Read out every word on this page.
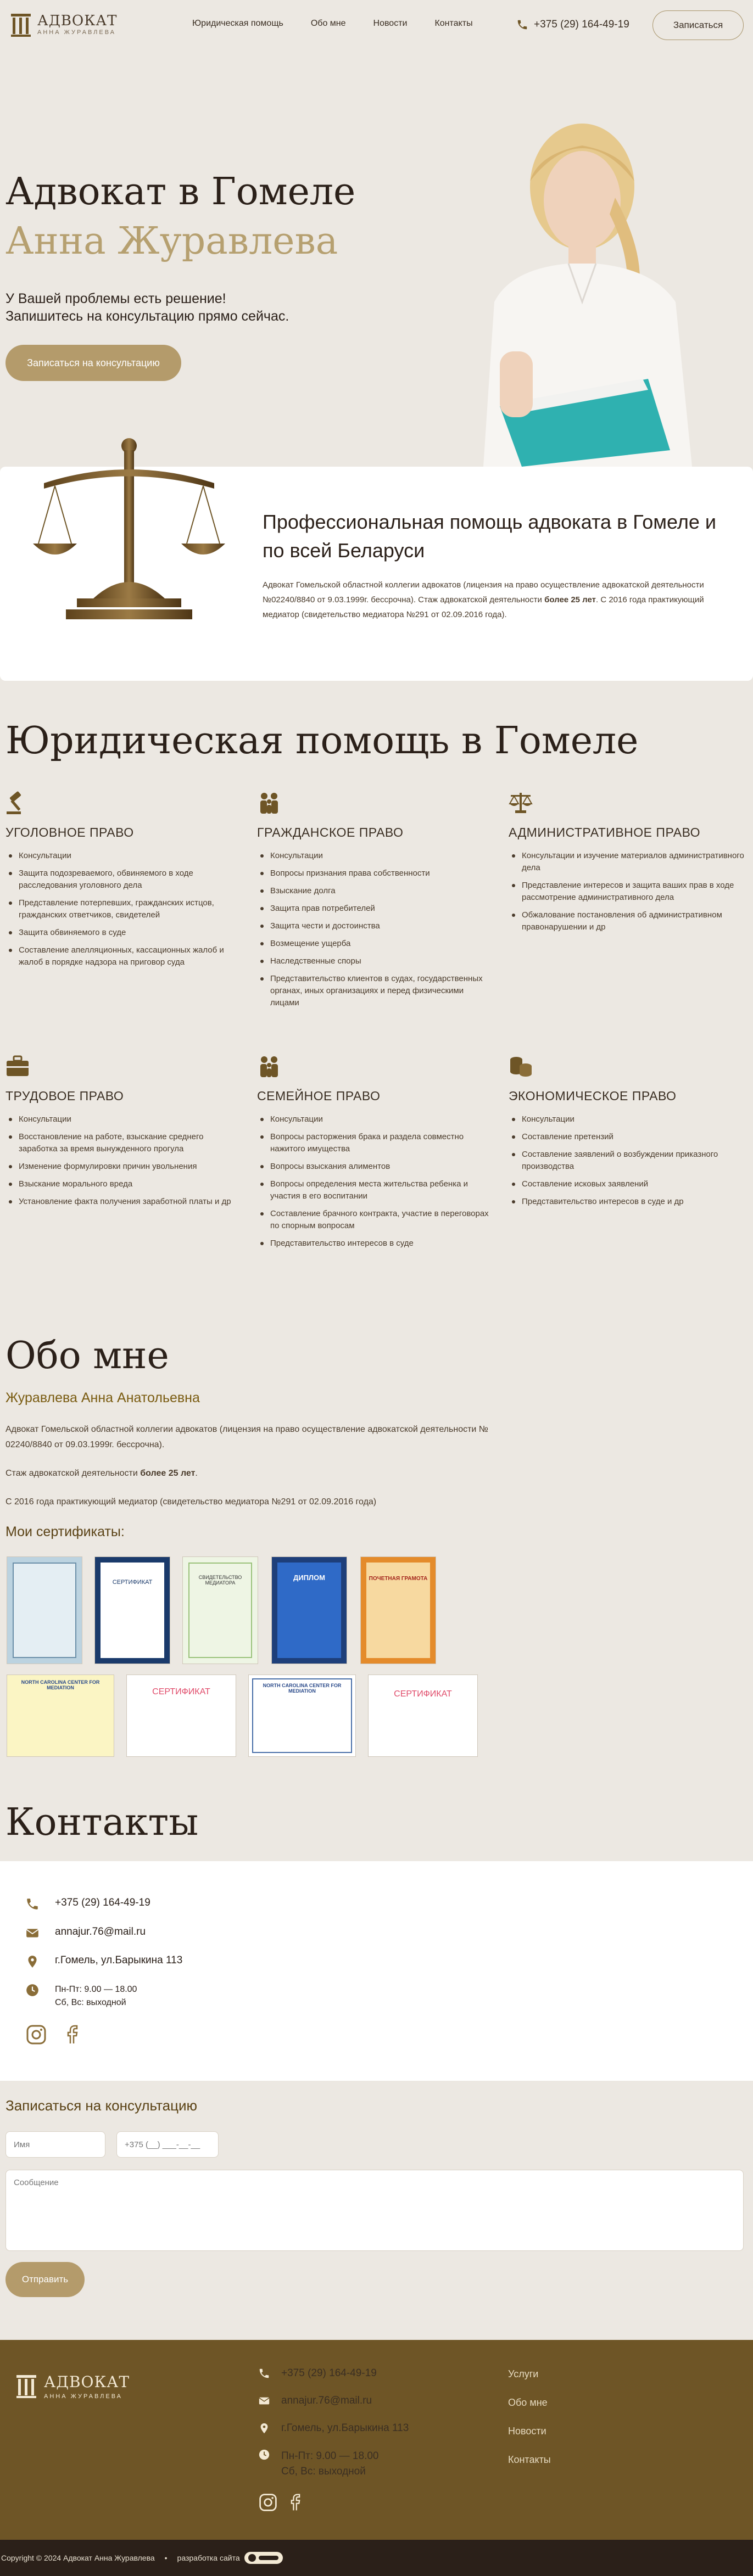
АДВОКАТ
АННА ЖУРАВЛЕВА
Юридическая помощь	Обо мне	Новости	Контакты	+375 (29) 164-49-19	Записаться
Адвокат в Гомеле
Анна Журавлева
У Вашей проблемы есть решение!
Запишитесь на консультацию прямо сейчас.
Записаться на консультацию
Профессиональная помощь адвоката в Гомеле и по всей Беларуси
Адвокат Гомельской областной коллегии адвокатов (лицензия на право осуществление адвокатской деятельности №02240/8840 от 9.03.1999г. бессрочна). Стаж адвокатской деятельности более 25 лет. С 2016 года практикующий медиатор (свидетельство медиатора №291 от 02.09.2016 года).
Юридическая помощь в Гомеле
УГОЛОВНОЕ ПРАВО
Консультации
Защита подозреваемого, обвиняемого в ходе расследования уголовного дела
Представление потерпевших, гражданских истцов, гражданских ответчиков, свидетелей
Защита обвиняемого в суде
Составление апелляционных, кассационных жалоб и жалоб в порядке надзора на приговор суда
ГРАЖДАНСКОЕ ПРАВО
Консультации
Вопросы признания права собственности
Взыскание долга
Защита прав потребителей
Защита чести и достоинства
Возмещение ущерба
Наследственные споры
Представительство клиентов в судах, государственных органах, иных организациях и перед физическими лицами
АДМИНИСТРАТИВНОЕ ПРАВО
Консультации и изучение материалов административного дела
Представление интересов и защита ваших прав в ходе рассмотрение административного дела
Обжалование постановления об административном правонарушении и др
ТРУДОВОЕ ПРАВО
Консультации
Восстановление на работе, взыскание среднего заработка за время вынужденного прогула
Изменение формулировки причин увольнения
Взыскание морального вреда
Установление факта получения заработной платы и др
СЕМЕЙНОЕ ПРАВО
Консультации
Вопросы расторжения брака и раздела совместно нажитого имущества
Вопросы взыскания алиментов
Вопросы определения места жительства ребенка и участия в его воспитании
Составление брачного контракта, участие в переговорах по спорным вопросам
Представительство интересов в суде
ЭКОНОМИЧЕСКОЕ ПРАВО
Консультации
Составление претензий
Составление заявлений о возбуждении приказного производства
Составление исковых заявлений
Представительство интересов в суде и др
Обо мне
Журавлева Анна Анатольевна
Адвокат Гомельской областной коллегии адвокатов (лицензия на право осуществление адвокатской деятельности № 02240/8840 от 09.03.1999г. бессрочна).
Стаж адвокатской деятельности более 25 лет.
С 2016 года практикующий медиатор (свидетельство медиатора №291 от 02.09.2016 года)
Мои сертификаты:
СЕРТИФИКАТ
СВИДЕТЕЛЬСТВО МЕДИАТОРА
ДИПЛОМ	ПОЧЕТНАЯ ГРАМОТА
NORTH CAROLINA CENTER FOR MEDIATION	СЕРТИФИКАТ
NORTH CAROLINA CENTER FOR MEDIATION	СЕРТИФИКАТ
Контакты
+375 (29) 164-49-19
annajur.76@mail.ru
г.Гомель, ул.Барыкина 113
Пн-Пт: 9.00 — 18.00
Сб, Вс: выходной
Записаться на консультацию
Имя
+375 (__) ___-__-__
Сообщение
Отправить
АДВОКАТ
АННА ЖУРАВЛЕВА
+375 (29) 164-49-19
annajur.76@mail.ru
г.Гомель, ул.Барыкина 113
Пн-Пт: 9.00 — 18.00
Сб, Вс: выходной
Услуги
Обо мне
Новости
Контакты
Copyright © 2024 Адвокат Анна Журавлева • разработка сайта
